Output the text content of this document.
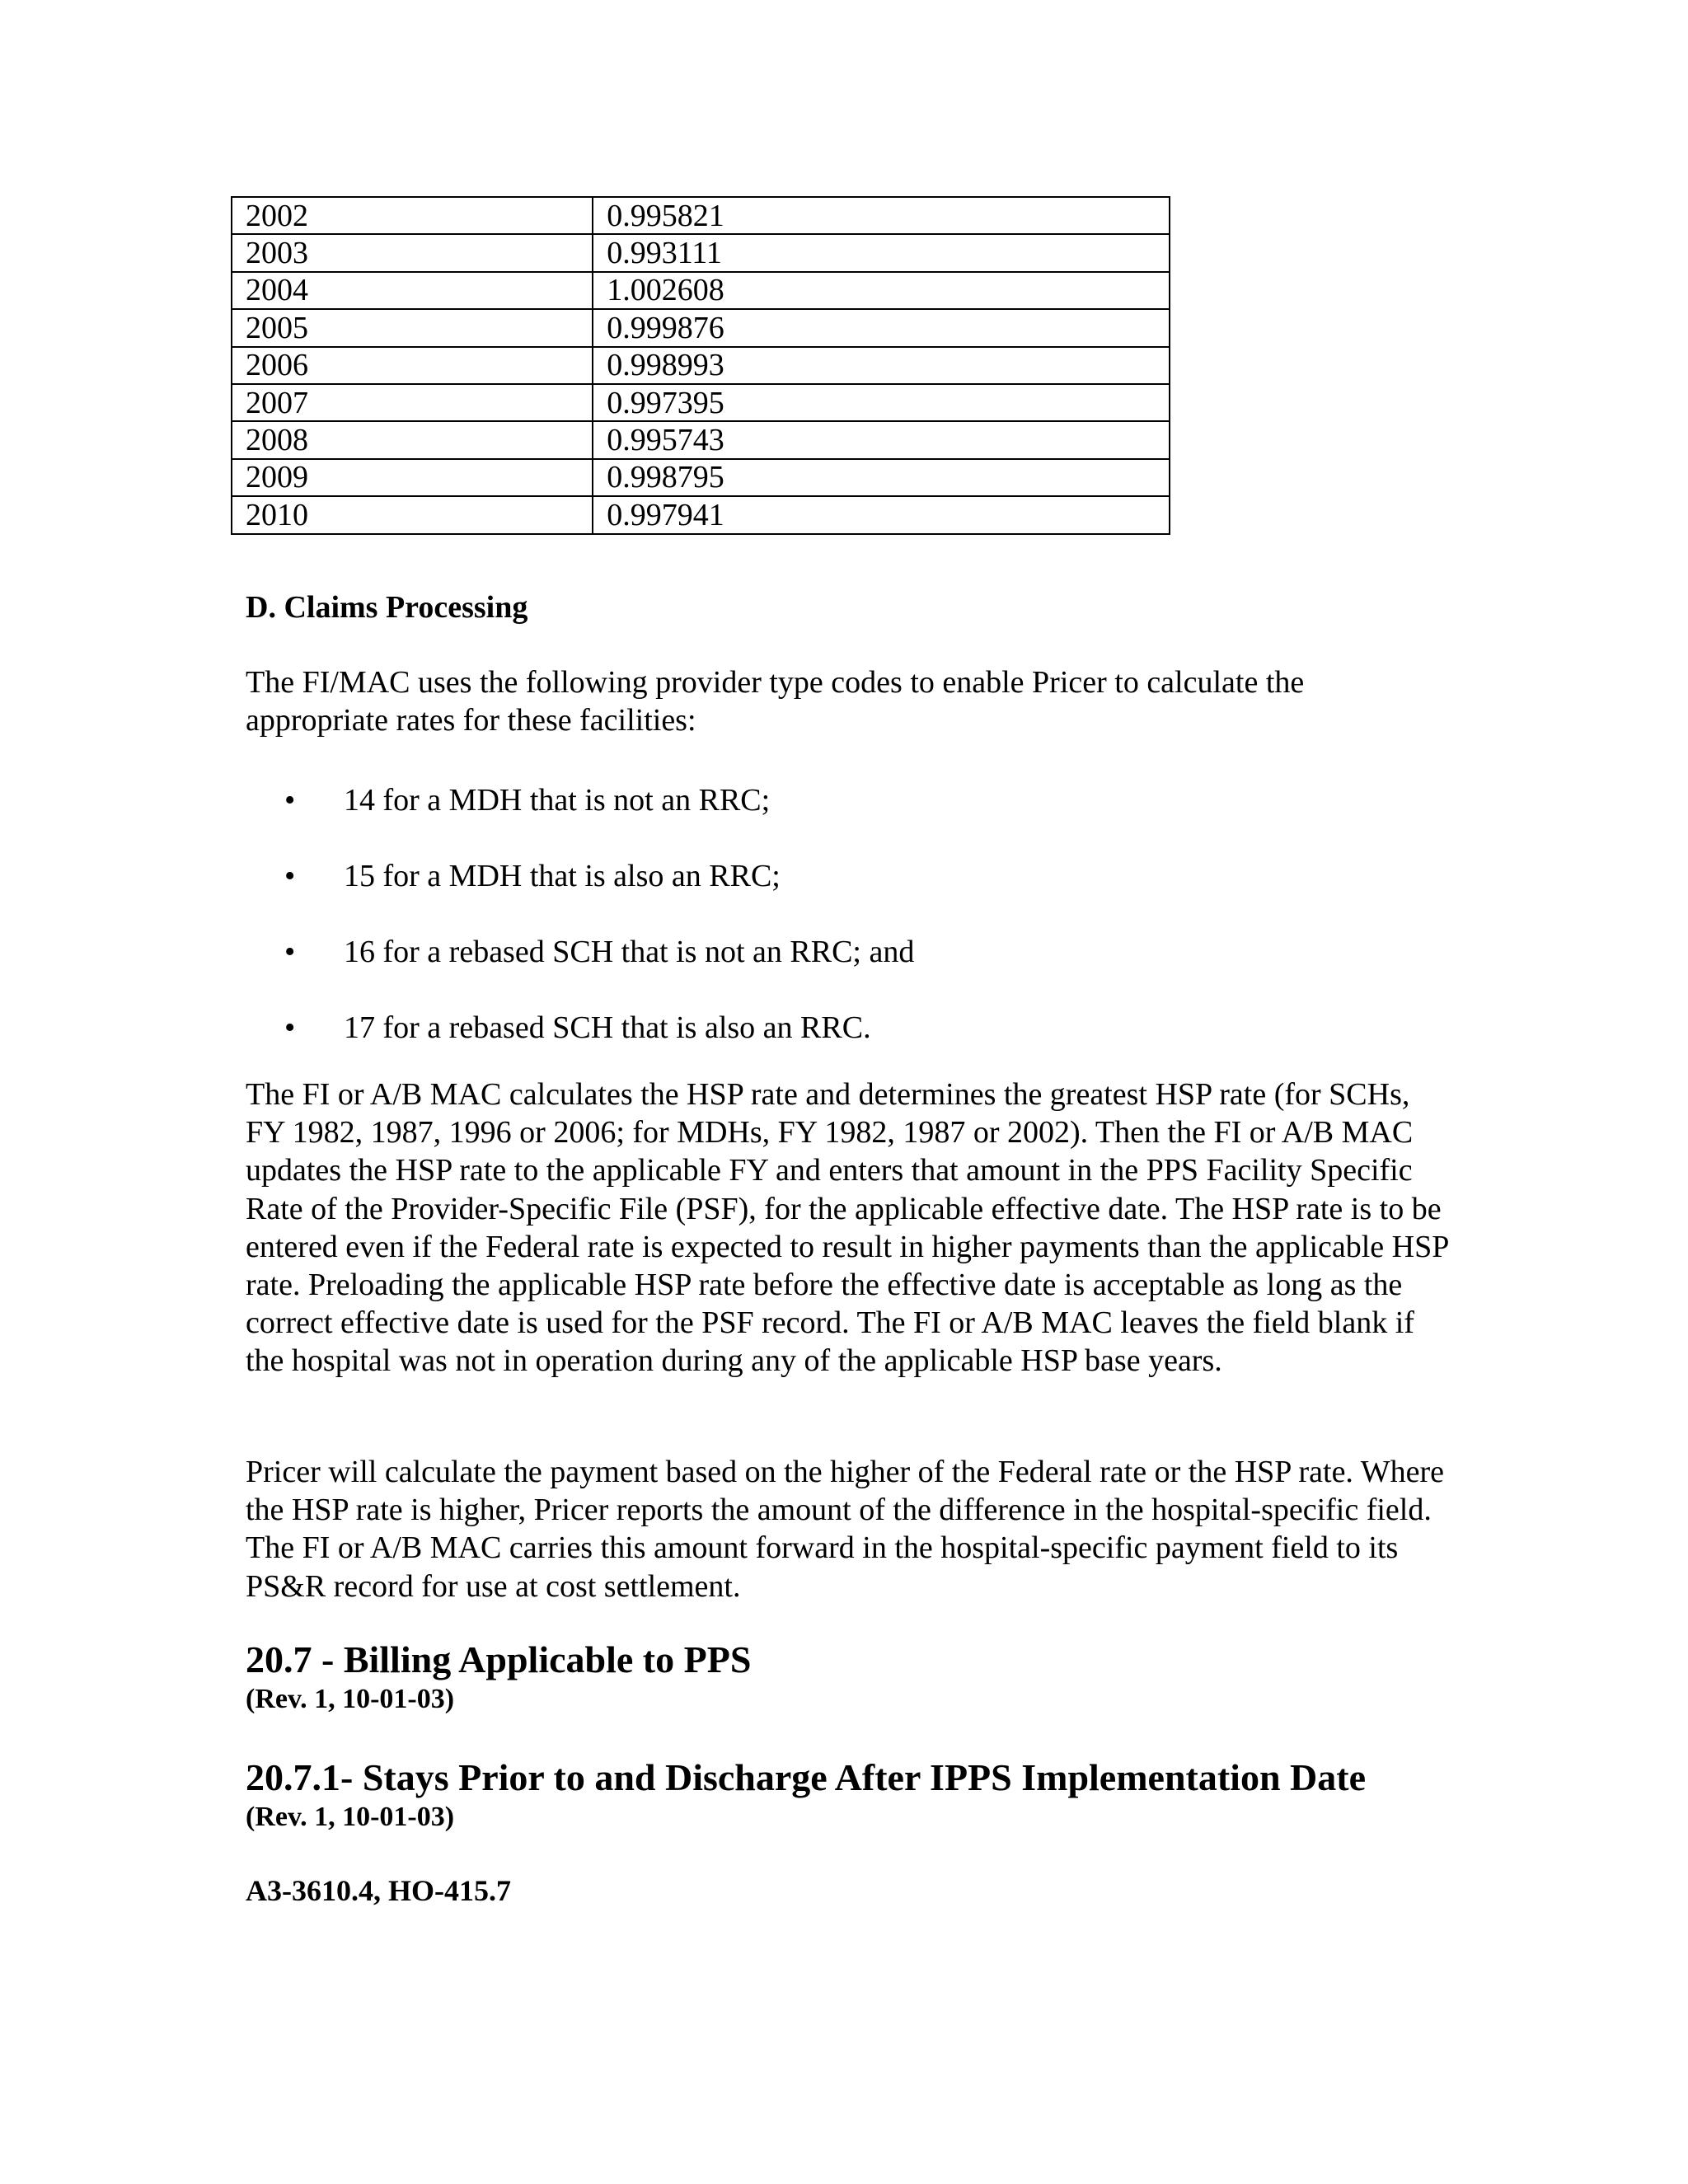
2002	0.995821
2003	0.993111
2004	1.002608
2005	0.999876
2006	0.998993
2007	0.997395
2008	0.995743
2009	0.998795
2010	0.997941

D. Claims Processing

The FI/MAC uses the following provider type codes to enable Pricer to calculate the appropriate rates for these facilities:

• 14 for a MDH that is not an RRC;
• 15 for a MDH that is also an RRC;
• 16 for a rebased SCH that is not an RRC; and
• 17 for a rebased SCH that is also an RRC.

The FI or A/B MAC calculates the HSP rate and determines the greatest HSP rate (for SCHs, FY 1982, 1987, 1996 or 2006; for MDHs, FY 1982, 1987 or 2002). Then the FI or A/B MAC updates the HSP rate to the applicable FY and enters that amount in the PPS Facility Specific Rate of the Provider-Specific File (PSF), for the applicable effective date. The HSP rate is to be entered even if the Federal rate is expected to result in higher payments than the applicable HSP rate. Preloading the applicable HSP rate before the effective date is acceptable as long as the correct effective date is used for the PSF record. The FI or A/B MAC leaves the field blank if the hospital was not in operation during any of the applicable HSP base years.

Pricer will calculate the payment based on the higher of the Federal rate or the HSP rate. Where the HSP rate is higher, Pricer reports the amount of the difference in the hospital-specific field. The FI or A/B MAC carries this amount forward in the hospital-specific payment field to its PS&R record for use at cost settlement.

20.7 - Billing Applicable to PPS

(Rev. 1, 10-01-03)

20.7.1- Stays Prior to and Discharge After IPPS Implementation Date

(Rev. 1, 10-01-03)

A3-3610.4, HO-415.7
